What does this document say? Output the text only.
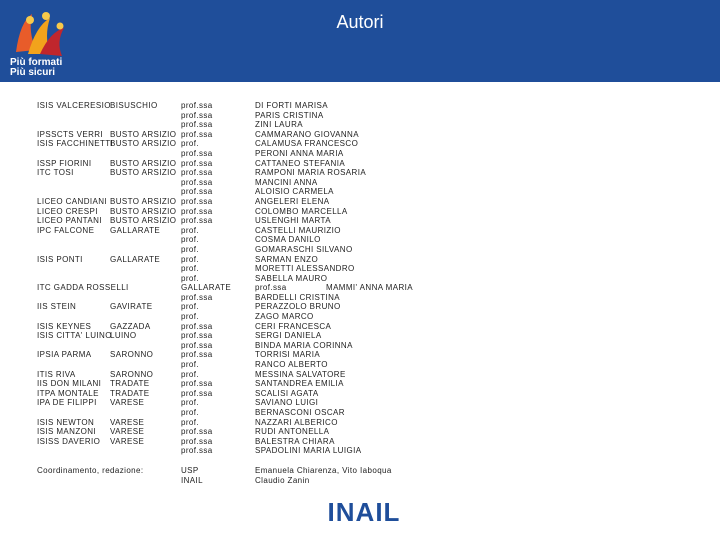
Più formati Più sicuri
Autori
ISIS VALCERESIO
IPSSCTS VERRI
ISIS FACCHINETTI
ISSP FIORINI
ITC TOSI
LICEO CANDIANI
LICEO CRESPI
LICEO PANTANI
IPC FALCONE
ISIS PONTI
ITC GADDA ROSSELLI
IIS STEIN
ISIS KEYNES
ISIS CITTA' LUINO
IPSIA PARMA
ITIS RIVA
IIS DON MILANI
ITPA MONTALE
IPA DE FILIPPI
ISIS NEWTON
ISIS MANZONI
ISISS DAVERIO
BISUSCHIO
BUSTO ARSIZIO
BUSTO ARSIZIO
BUSTO ARSIZIO
BUSTO ARSIZIO
BUSTO ARSIZIO
BUSTO ARSIZIO
BUSTO ARSIZIO
GALLARATE
GALLARATE
GAVIRATE
GAZZADA
LUINO
SARONNO
SARONNO
TRADATE
TRADATE
VARESE
VARESE
VARESE
VARESE
prof.ssa
prof.ssa
prof.ssa
prof.ssa
prof.
prof.ssa
prof.ssa
prof.ssa
prof.ssa
prof.ssa
prof.ssa
prof.ssa
prof.ssa
prof.
prof.
prof.
prof.
prof.
prof.
GALLARATE
prof.ssa
prof.
prof.
prof.ssa
prof.ssa
prof.ssa
prof.ssa
prof.
prof.
prof.ssa
prof.ssa
prof.
prof.
prof.
prof.ssa
prof.ssa
prof.ssa
DI FORTI MARISA
PARIS CRISTINA
ZINI LAURA
CAMMARANO GIOVANNA
CALAMUSA FRANCESCO
PERONI ANNA MARIA
CATTANEO STEFANIA
RAMPONI MARIA ROSARIA
MANCINI ANNA
ALOISIO CARMELA
ANGELERI ELENA
COLOMBO MARCELLA
USLENGHI MARTA
CASTELLI MAURIZIO
COSMA DANILO
GOMARASCHI SILVANO
SARMAN ENZO
MORETTI ALESSANDRO
SABELLA MAURO
prof.ssa
BARDELLI CRISTINA
PERAZZOLO BRUNO
ZAGO MARCO
CERI FRANCESCA
SERGI DANIELA
BINDA MARIA CORINNA
TORRISI MARIA
RANCO ALBERTO
MESSINA SALVATORE
SANTANDREA EMILIA
SCALISI AGATA
SAVIANO LUIGI
BERNASCONI OSCAR
NAZZARI ALBERICO
RUDI ANTONELLA
BALESTRA CHIARA
SPADOLINI MARIA LUIGIA
Coordinamento, redazione:	USP
INAIL
Emanuela Chiarenza, Vito Iaboqua
Claudio Zanin
INAIL
MAMMI' ANNA MARIA
